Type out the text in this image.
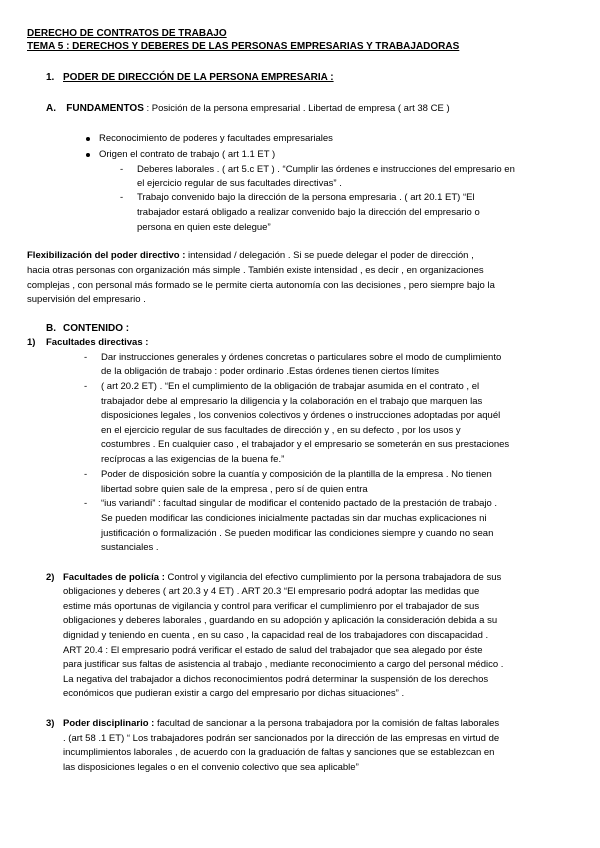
DERECHO DE CONTRATOS DE TRABAJO
TEMA 5 : DERECHOS Y DEBERES DE LAS PERSONAS EMPRESARIAS Y TRABAJADORAS
1. PODER DE DIRECCIÓN DE LA PERSONA EMPRESARIA :
A. FUNDAMENTOS : Posición de la persona empresarial . Libertad de empresa ( art 38 CE )
Reconocimiento de poderes y facultades empresariales
Origen el contrato de trabajo ( art 1.1 ET )
- Deberes laborales . ( art 5.c ET ) . “Cumplir las órdenes e instrucciones del empresario en
el ejercicio regular de sus facultades directivas” .
- Trabajo convenido bajo la dirección de la persona empresaria . ( art 20.1 ET) “El
trabajador estará obligado a realizar convenido bajo la dirección del empresario o
persona en quien este delegue”
Flexibilización del poder directivo : intensidad / delegación . Si se puede delegar el poder de dirección ,
hacia otras personas con organización más simple . También existe intensidad , es decir , en organizaciones
complejas , con personal más formado se le permite cierta autonomía con las decisiones , pero siempre bajo la
supervisión del empresario .
B. CONTENIDO :
1) Facultades directivas :
- Dar instrucciones generales y órdenes concretas o particulares sobre el modo de cumplimiento
de la obligación de trabajo : poder ordinario .Estas órdenes tienen ciertos límites
- ( art 20.2 ET) . “En el cumplimiento de la obligación de trabajar asumida en el contrato , el
trabajador debe al empresario la diligencia y la colaboración en el trabajo que marquen las
disposiciones legales , los convenios colectivos y órdenes o instrucciones adoptadas por aquél
en el ejercicio regular de sus facultades de dirección y , en su defecto , por los usos y
costumbres . En cualquier caso , el trabajador y el empresario se someterán en sus prestaciones
recíprocas a las exigencias de la buena fe.”
- Poder de disposición sobre la cuantía y composición de la plantilla de la empresa . No tienen
libertad sobre quien sale de la empresa , pero sí de quien entra
- “ius variandi” : facultad singular de modificar el contenido pactado de la prestación de trabajo .
Se pueden modificar las condiciones inicialmente pactadas sin dar muchas explicaciones ni
justificación o formalización . Se pueden modificar las condiciones siempre y cuando no sean
sustanciales .
2) Facultades de policía : Control y vigilancia del efectivo cumplimiento por la persona trabajadora de sus
obligaciones y deberes ( art 20.3 y 4 ET) . ART 20.3 “El empresario podrá adoptar las medidas que
estime más oportunas de vigilancia y control para verificar el cumplimienro por el trabajador de sus
obligaciones y deberes laborales , guardando en su adopción y aplicación la consideración debida a su
dignidad y teniendo en cuenta , en su caso , la capacidad real de los trabajadores con discapacidad .
ART 20.4 : El empresario podrá verificar el estado de salud del trabajador que sea alegado por éste
para justificar sus faltas de asistencia al trabajo , mediante reconocimiento a cargo del personal médico .
La negativa del trabajador a dichos reconocimientos podrá determinar la suspensión de los derechos
económicos que pudieran existir a cargo del empresario por dichas situaciones” .
3) Poder disciplinario : facultad de sancionar a la persona trabajadora por la comisión de faltas laborales
. (art 58 .1 ET) “ Los trabajadores podrán ser sancionados por la dirección de las empresas en virtud de
incumplimientos laborales , de acuerdo con la graduación de faltas y sanciones que se establezcan en
las disposiciones legales o en el convenio colectivo que sea aplicable”
